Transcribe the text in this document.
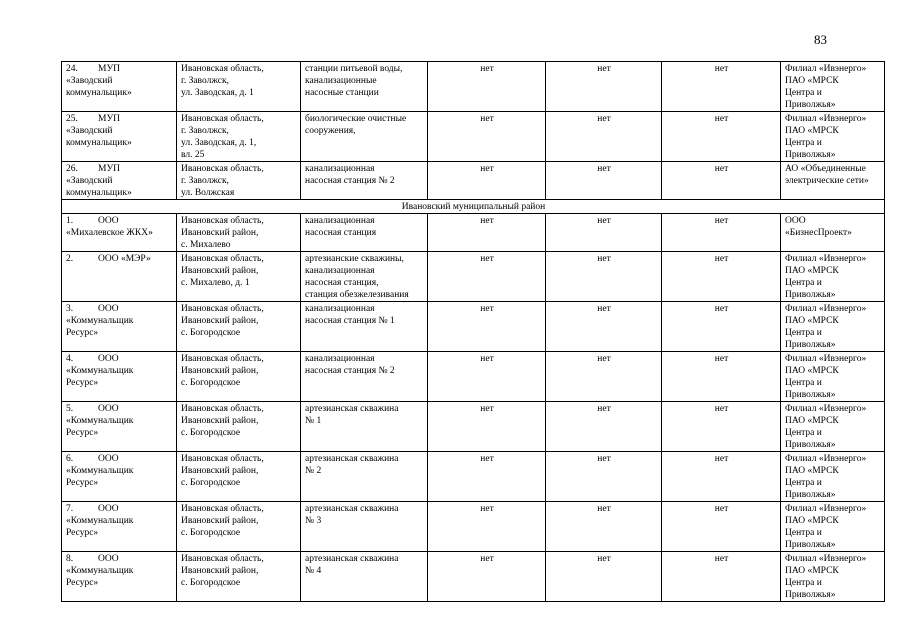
83
24. МУП
«Заводский
коммунальщик»	Ивановская область,
г. Заволжск,
ул. Заводская, д. 1	станции питьевой воды,
канализационные
насосные станции	нет	нет	нет	Филиал «Ивэнерго»
ПАО «МРСК
Центра и
Приволжья»

25. МУП
«Заводский
коммунальщик»	Ивановская область,
г. Заволжск,
ул. Заводская, д. 1,
вл. 25	биологические очистные
сооружения,	нет	нет	нет	Филиал «Ивэнерго»
ПАО «МРСК
Центра и
Приволжья»

26. МУП
«Заводский
коммунальщик»	Ивановская область,
г. Заволжск,
ул. Волжская	канализационная
насосная станция № 2	нет	нет	нет	АО «Объединенные
электрические сети»

Ивановский муниципальный район						

1. ООО
«Михалевское ЖКХ»	Ивановская область,
Ивановский район,
с. Михалево	канализационная
насосная станция	нет	нет	нет	ООО
«БизнесПроект»

2. ООО «МЭР»	Ивановская область,
Ивановский район,
с. Михалево, д. 1	артезианские скважины,
канализационная
насосная станция,
станция обезжелезивания	нет	нет	нет	Филиал «Ивэнерго»
ПАО «МРСК
Центра и
Приволжья»

3. ООО
«Коммунальщик
Ресурс»	Ивановская область,
Ивановский район,
с. Богородское	канализационная
насосная станция № 1	нет	нет	нет	Филиал «Ивэнерго»
ПАО «МРСК
Центра и
Приволжья»

4. ООО
«Коммунальщик
Ресурс»	Ивановская область,
Ивановский район,
с. Богородское	канализационная
насосная станция № 2	нет	нет	нет	Филиал «Ивэнерго»
ПАО «МРСК
Центра и
Приволжья»

5. ООО
«Коммунальщик
Ресурс»	Ивановская область,
Ивановский район,
с. Богородское	артезианская скважина
№ 1	нет	нет	нет	Филиал «Ивэнерго»
ПАО «МРСК
Центра и
Приволжья»

6. ООО
«Коммунальщик
Ресурс»	Ивановская область,
Ивановский район,
с. Богородское	артезианская скважина
№ 2	нет	нет	нет	Филиал «Ивэнерго»
ПАО «МРСК
Центра и
Приволжья»

7. ООО
«Коммунальщик
Ресурс»	Ивановская область,
Ивановский район,
с. Богородское	артезианская скважина
№ 3	нет	нет	нет	Филиал «Ивэнерго»
ПАО «МРСК
Центра и
Приволжья»

8. ООО
«Коммунальщик
Ресурс»	Ивановская область,
Ивановский район,
с. Богородское	артезианская скважина
№ 4	нет	нет	нет	Филиал «Ивэнерго»
ПАО «МРСК
Центра и
Приволжья»
